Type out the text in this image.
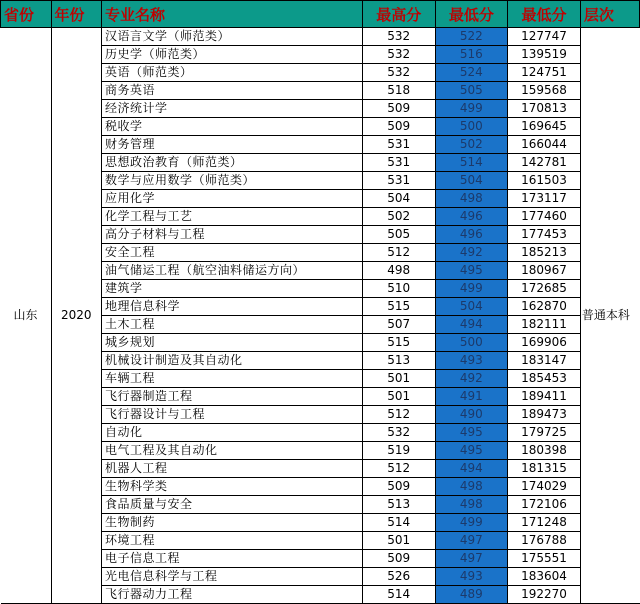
省份	年份	专业名称	最高分	最低分	最低分	层次
山东	2020	汉语言文学（师范类）	532	522	127747	普通本科
		历史学（师范类）	532	516	139519	
		英语（师范类）	532	524	124751	
		商务英语	518	505	159568	
		经济统计学	509	499	170813	
		税收学	509	500	169645	
		财务管理	531	502	166044	
		思想政治教育（师范类）	531	514	142781	
		数学与应用数学（师范类）	531	504	161503	
		应用化学	504	498	173117	
		化学工程与工艺	502	496	177460	
		高分子材料与工程	505	496	177453	
		安全工程	512	492	185213	
		油气储运工程（航空油料储运方向）	498	495	180967	
		建筑学	510	499	172685	
		地理信息科学	515	504	162870	
		土木工程	507	494	182111	
		城乡规划	515	500	169906	
		机械设计制造及其自动化	513	493	183147	
		车辆工程	501	492	185453	
		飞行器制造工程	501	491	189411	
		飞行器设计与工程	512	490	189473	
		自动化	532	495	179725	
		电气工程及其自动化	519	495	180398	
		机器人工程	512	494	181315	
		生物科学类	509	498	174029	
		食品质量与安全	513	498	172106	
		生物制药	514	499	171248	
		环境工程	501	497	176788	
		电子信息工程	509	497	175551	
		光电信息科学与工程	526	493	183604	
		飞行器动力工程	514	489	192270	
